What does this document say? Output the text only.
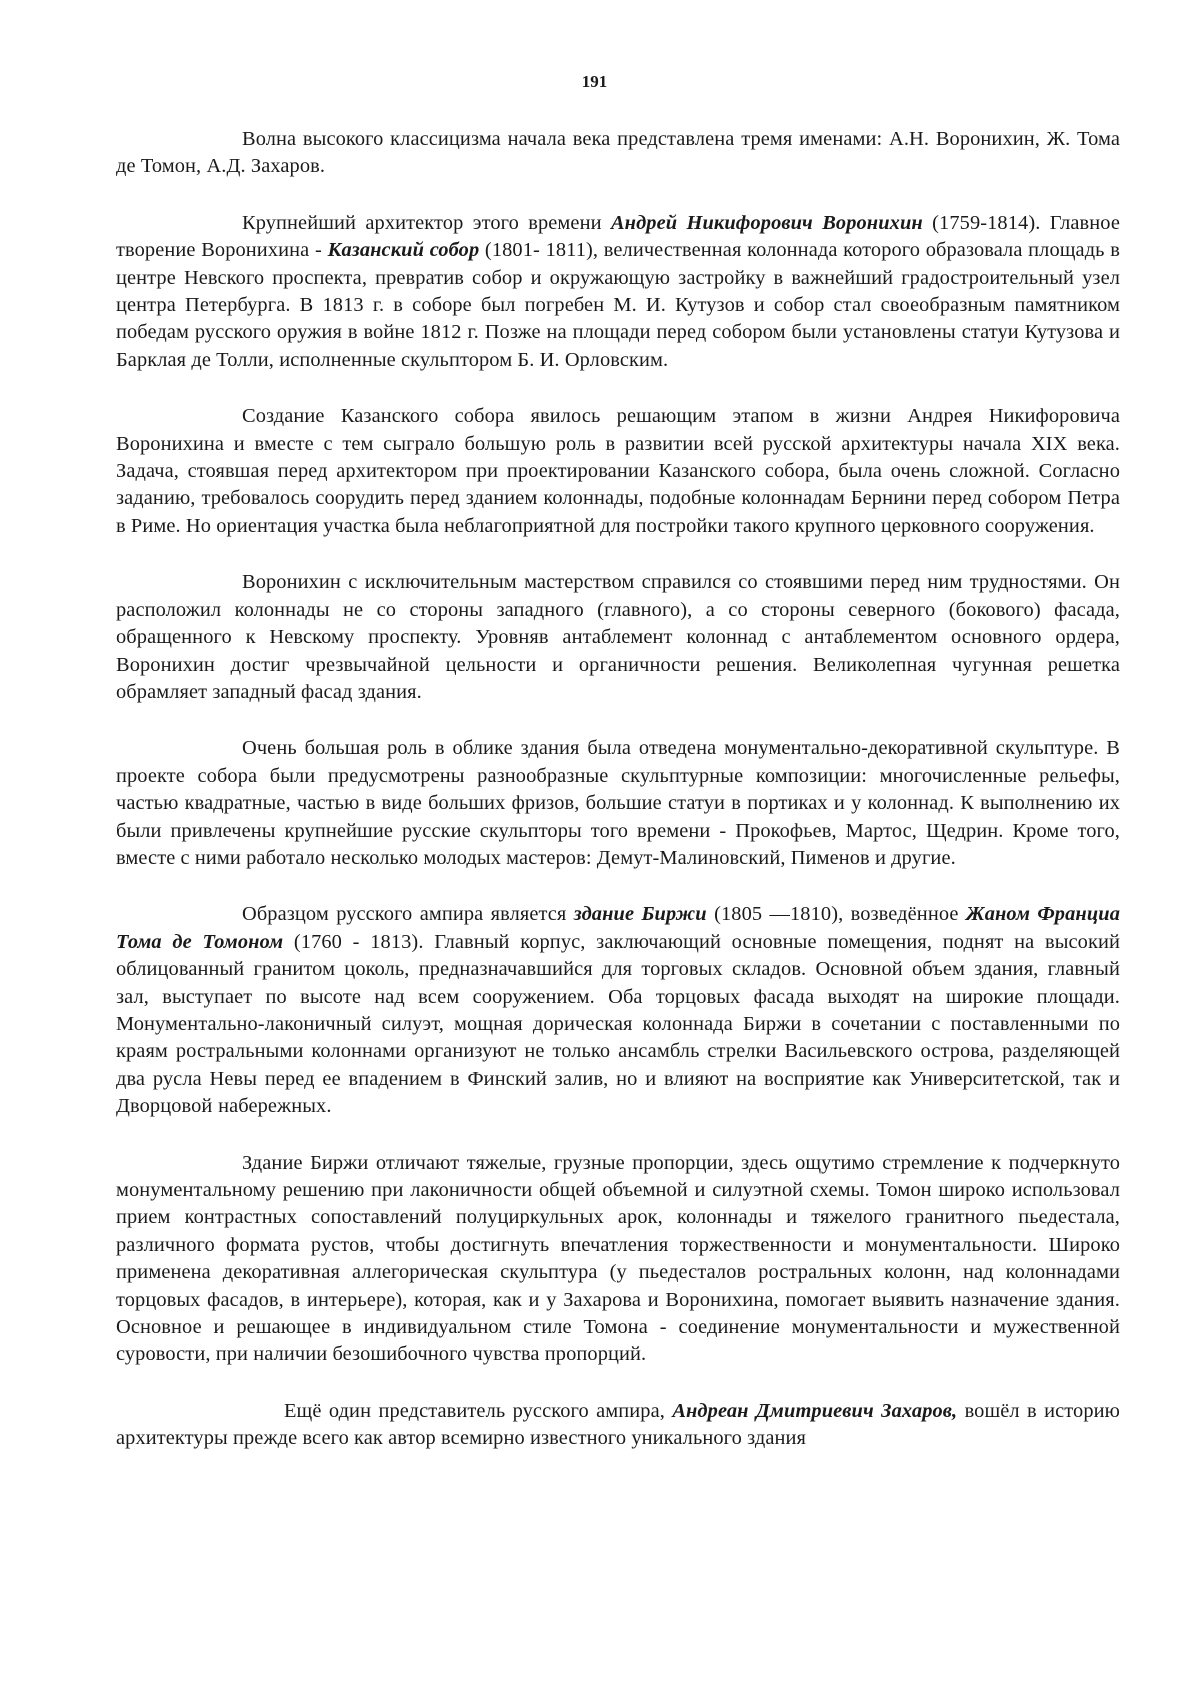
191

Волна высокого классицизма начала века представлена тремя именами: А.Н. Воронихин, Ж. Тома де Томон, А.Д. Захаров.

Крупнейший архитектор этого времени Андрей Никифорович Воронихин (1759-1814). Главное творение Воронихина - Казанский собор (1801- 1811), величественная колоннада которого образовала площадь в центре Невского проспекта, превратив собор и окружающую застройку в важнейший градостроительный узел центра Петербурга. В 1813 г. в соборе был погребен М. И. Кутузов и собор стал своеобразным памятником победам русского оружия в войне 1812 г. Позже на площади перед собором были установлены статуи Кутузова и Барклая де Толли, исполненные скульптором Б. И. Орловским.

Создание Казанского собора явилось решающим этапом в жизни Андрея Никифоровича Воронихина и вместе с тем сыграло большую роль в развитии всей русской архитектуры начала XIX века. Задача, стоявшая перед архитектором при проектировании Казанского собора, была очень сложной. Согласно заданию, требовалось соорудить перед зданием колоннады, подобные колоннадам Бернини перед собором Петра в Риме. Но ориентация участка была неблагоприятной для постройки такого крупного церковного сооружения.

Воронихин с исключительным мастерством справился со стоявшими перед ним трудностями. Он расположил колоннады не со стороны западного (главного), а со стороны северного (бокового) фасада, обращенного к Невскому проспекту. Уровняв антаблемент колоннад с антаблементом основного ордера, Воронихин достиг чрезвычайной цельности и органичности решения. Великолепная чугунная решетка обрамляет западный фасад здания.

Очень большая роль в облике здания была отведена монументально-декоративной скульптуре. В проекте собора были предусмотрены разнообразные скульптурные композиции: многочисленные рельефы, частью квадратные, частью в виде больших фризов, большие статуи в портиках и у колоннад. К выполнению их были привлечены крупнейшие русские скульпторы того времени - Прокофьев, Мартос, Щедрин. Кроме того, вместе с ними работало несколько молодых мастеров: Демут-Малиновский, Пименов и другие.

Образцом русского ампира является здание Биржи (1805 —1810), возведённое Жаном Франциа Тома де Томоном (1760 - 1813). Главный корпус, заключающий основные помещения, поднят на высокий облицованный гранитом цоколь, предназначавшийся для торговых складов. Основной объем здания, главный зал, выступает по высоте над всем сооружением. Оба торцовых фасада выходят на широкие площади. Монументально-лаконичный силуэт, мощная дорическая колоннада Биржи в сочетании с поставленными по краям ростральными колоннами организуют не только ансамбль стрелки Васильевского острова, разделяющей два русла Невы перед ее впадением в Финский залив, но и влияют на восприятие как Университетской, так и Дворцовой набережных.

Здание Биржи отличают тяжелые, грузные пропорции, здесь ощутимо стремление к подчеркнуто монументальному решению при лаконичности общей объемной и силуэтной схемы. Томон широко использовал прием контрастных сопоставлений полуциркульных арок, колоннады и тяжелого гранитного пьедестала, различного формата рустов, чтобы достигнуть впечатления торжественности и монументальности. Широко применена декоративная аллегорическая скульптура (у пьедесталов ростральных колонн, над колоннадами торцовых фасадов, в интерьере), которая, как и у Захарова и Воронихина, помогает выявить назначение здания. Основное и решающее в индивидуальном стиле Томона - соединение монументальности и мужественной суровости, при наличии безошибочного чувства пропорций.

Ещё один представитель русского ампира, Андреан Дмитриевич Захаров, вошёл в историю архитектуры прежде всего как автор всемирно известного уникального здания
